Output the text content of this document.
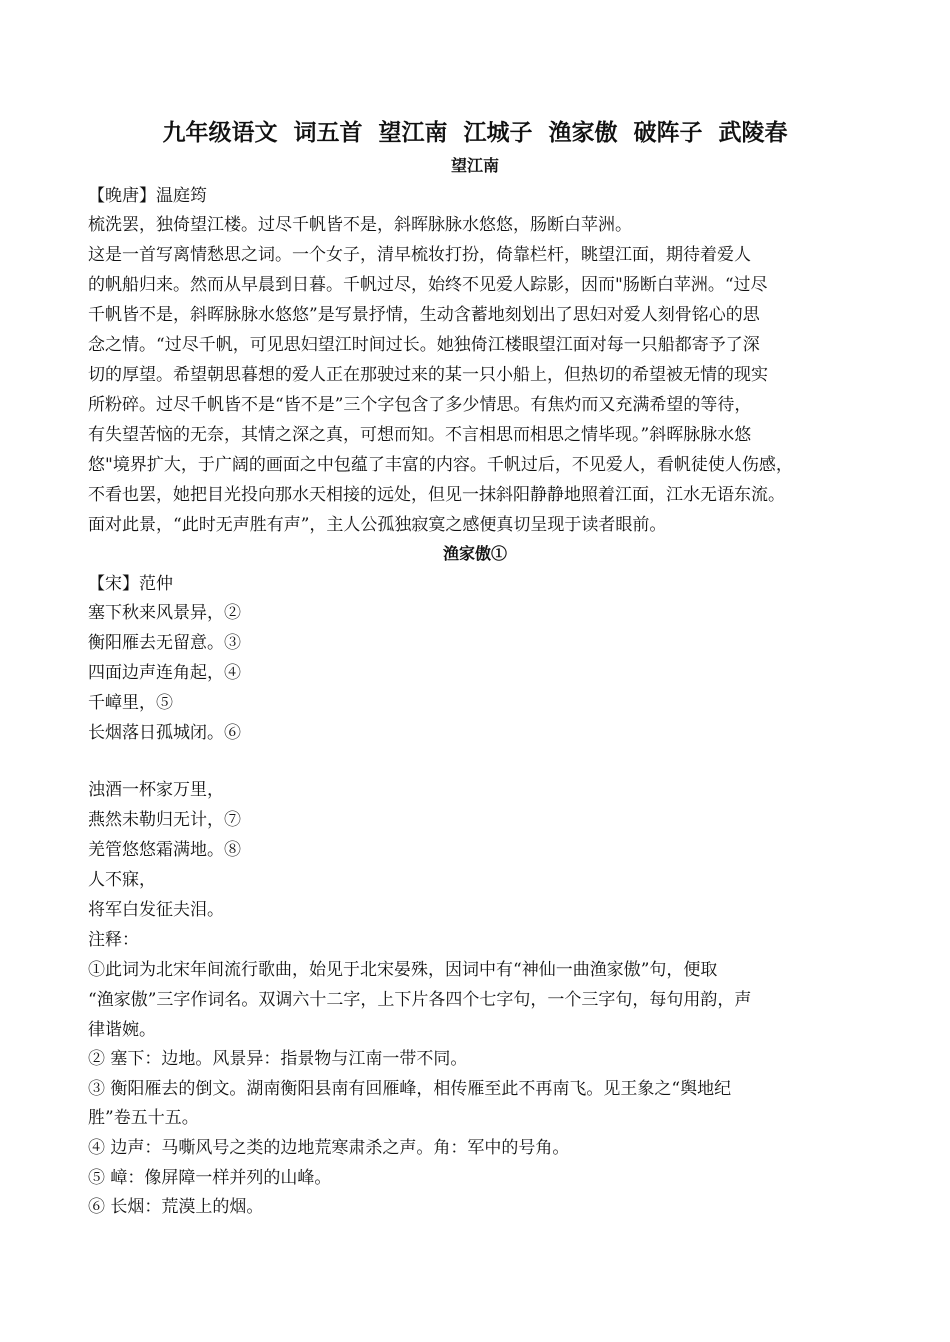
九年级语文  词五首  望江南  江城子  渔家傲  破阵子  武陵春
望江南
【晚唐】温庭筠
梳洗罢，独倚望江楼。过尽千帆皆不是，斜晖脉脉水悠悠，肠断白苹洲。
这是一首写离情愁思之词。一个女子，清早梳妆打扮，倚靠栏杆，眺望江面，期待着爱人
的帆船归来。然而从早晨到日暮。千帆过尽，始终不见爱人踪影，因而"肠断白苹洲。“过尽
千帆皆不是，斜晖脉脉水悠悠”是写景抒情，生动含蓄地刻划出了思妇对爱人刻骨铭心的思
念之情。“过尽千帆，可见思妇望江时间过长。她独倚江楼眼望江面对每一只船都寄予了深
切的厚望。希望朝思暮想的爱人正在那驶过来的某一只小船上，但热切的希望被无情的现实
所粉碎。过尽千帆皆不是“皆不是”三个字包含了多少情思。有焦灼而又充满希望的等待，
有失望苦恼的无奈，其情之深之真，可想而知。不言相思而相思之情毕现。”斜晖脉脉水悠
悠"境界扩大，于广阔的画面之中包蕴了丰富的内容。千帆过后，不见爱人，看帆徒使人伤感，
不看也罢，她把目光投向那水天相接的远处，但见一抹斜阳静静地照着江面，江水无语东流。
面对此景，“此时无声胜有声”，主人公孤独寂寞之感便真切呈现于读者眼前。
渔家傲①
【宋】范仲
塞下秋来风景异，②
衡阳雁去无留意。③
四面边声连角起，④
千嶂里，⑤
长烟落日孤城闭。⑥
浊酒一杯家万里，
燕然未勒归无计，⑦
羌管悠悠霜满地。⑧
人不寐，
将军白发征夫泪。
注释：
①此词为北宋年间流行歌曲，始见于北宋晏殊，因词中有“神仙一曲渔家傲”句，便取
“渔家傲”三字作词名。双调六十二字，上下片各四个七字句，一个三字句，每句用韵，声
律谐婉。
② 塞下：边地。风景异：指景物与江南一带不同。
③ 衡阳雁去的倒文。湖南衡阳县南有回雁峰，相传雁至此不再南飞。见王象之“舆地纪
胜”卷五十五。
④ 边声：马嘶风号之类的边地荒寒肃杀之声。角：军中的号角。
⑤ 嶂：像屏障一样并列的山峰。
⑥ 长烟：荒漠上的烟。
